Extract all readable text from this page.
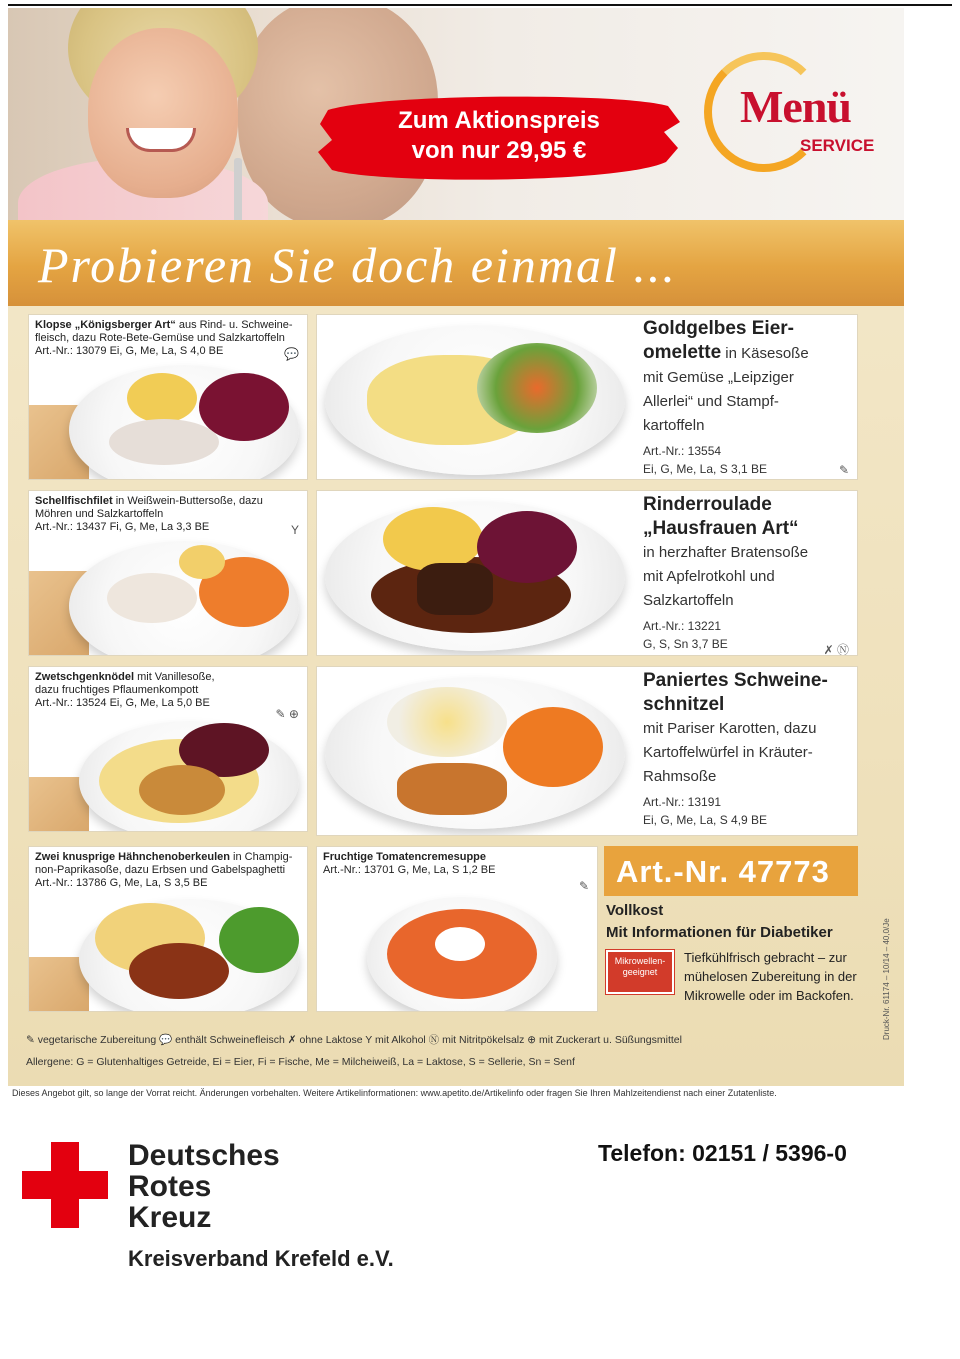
Zum Aktionspreis
von nur 29,95 €
Menü
SERVICE
Probieren Sie doch einmal ...
Klopse „Königsberger Art“ aus Rind- u. Schweine-
fleisch, dazu Rote-Bete-Gemüse und Salzkartoffeln
Art.-Nr.: 13079 Ei, G, Me, La, S 4,0 BE	💬
Goldgelbes Eier-
omelette in Käsesoße
mit Gemüse „Leipziger
Allerlei“ und Stampf-
kartoffeln
Art.-Nr.: 13554
Ei, G, Me, La, S 3,1 BE	✎
Schellfischfilet in Weißwein-Buttersoße, dazu
Möhren und Salzkartoffeln
Art.-Nr.: 13437 Fi, G, Me, La 3,3 BE	Y
Rinderroulade
„Hausfrauen Art“
in herzhafter Bratensoße
mit Apfelrotkohl und
Salzkartoffeln
Art.-Nr.: 13221
G, S, Sn 3,7 BE	✗ Ⓝ
Zwetschgenknödel mit Vanillesoße,
dazu fruchtiges Pflaumenkompott
Art.-Nr.: 13524 Ei, G, Me, La 5,0 BE
✎ ⊕
Paniertes Schweine-
schnitzel
mit Pariser Karotten, dazu
Kartoffelwürfel in Kräuter-
Rahmsoße
Art.-Nr.: 13191
Ei, G, Me, La, S 4,9 BE
Zwei knusprige Hähnchenoberkeulen in Champig-
non-Paprikasoße, dazu Erbsen und Gabelspaghetti
Art.-Nr.: 13786 G, Me, La, S 3,5 BE
Fruchtige Tomatencremesuppe
Art.-Nr.: 13701 G, Me, La, S 1,2 BE
✎ Art.-Nr. 47773
Vollkost
Mit Informationen für Diabetiker
Mikrowellen-geeignet
Tiefkühlfrisch gebracht – zur mühelosen Zubereitung in der Mikrowelle oder im Backofen.	Druck-Nr. 61174 – 10/14 – 40,0/Je
✎ vegetarische Zubereitung 💬 enthält Schweinefleisch ✗ ohne Laktose Y mit Alkohol Ⓝ mit Nitritpökelsalz ⊕ mit Zuckerart u. Süßungsmittel
Allergene: G = Glutenhaltiges Getreide, Ei = Eier, Fi = Fische, Me = Milcheiweiß, La = Laktose, S = Sellerie, Sn = Senf
Dieses Angebot gilt, so lange der Vorrat reicht. Änderungen vorbehalten. Weitere Artikelinformationen: www.apetito.de/Artikelinfo oder fragen Sie Ihren Mahlzeitendienst nach einer Zutatenliste.
Deutsches
Rotes
Kreuz
Kreisverband Krefeld e.V.
Telefon: 02151 / 5396-0
